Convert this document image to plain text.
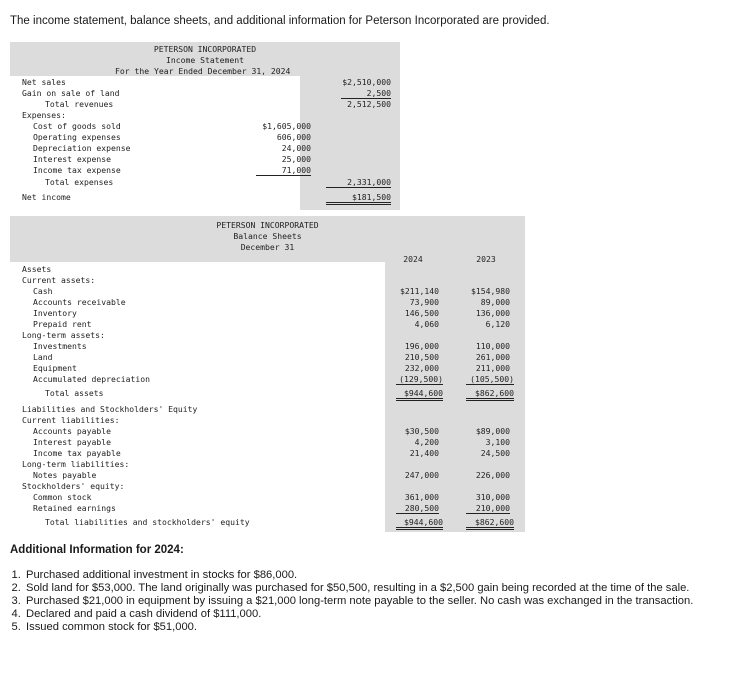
The income statement, balance sheets, and additional information for Peterson Incorporated are provided.
PETERSON INCORPORATED
Income Statement
For the Year Ended December 31, 2024
Net sales	$2,510,000
Gain on sale of land	2,500
Total revenues	2,512,500
Expenses:
Cost of goods sold	$1,605,000
Operating expenses	606,000
Depreciation expense	24,000
Interest expense	25,000
Income tax expense	71,000
Total expenses	2,331,000
Net income	$181,500
PETERSON INCORPORATED
Balance Sheets
December 31
2024	2023
Assets
Current assets:
Cash	$211,140	$154,980
Accounts receivable	73,900	89,000
Inventory	146,500	136,000
Prepaid rent	4,060	6,120
Long-term assets:
Investments	196,000	110,000
Land	210,500	261,000
Equipment	232,000	211,000
Accumulated depreciation	(129,500)	(105,500)
Total assets	$944,600	$862,600
Liabilities and Stockholders' Equity
Current liabilities:
Accounts payable	$30,500	$89,000
Interest payable	4,200	3,100
Income tax payable	21,400	24,500
Long-term liabilities:
Notes payable	247,000	226,000
Stockholders' equity:
Common stock	361,000	310,000
Retained earnings	280,500	210,000
Total liabilities and stockholders' equity	$944,600	$862,600
Additional Information for 2024:
1. Purchased additional investment in stocks for $86,000.
2. Sold land for $53,000. The land originally was purchased for $50,500, resulting in a $2,500 gain being recorded at the time of the sale.
3. Purchased $21,000 in equipment by issuing a $21,000 long-term note payable to the seller. No cash was exchanged in the transaction.
4. Declared and paid a cash dividend of $111,000.
5. Issued common stock for $51,000.
